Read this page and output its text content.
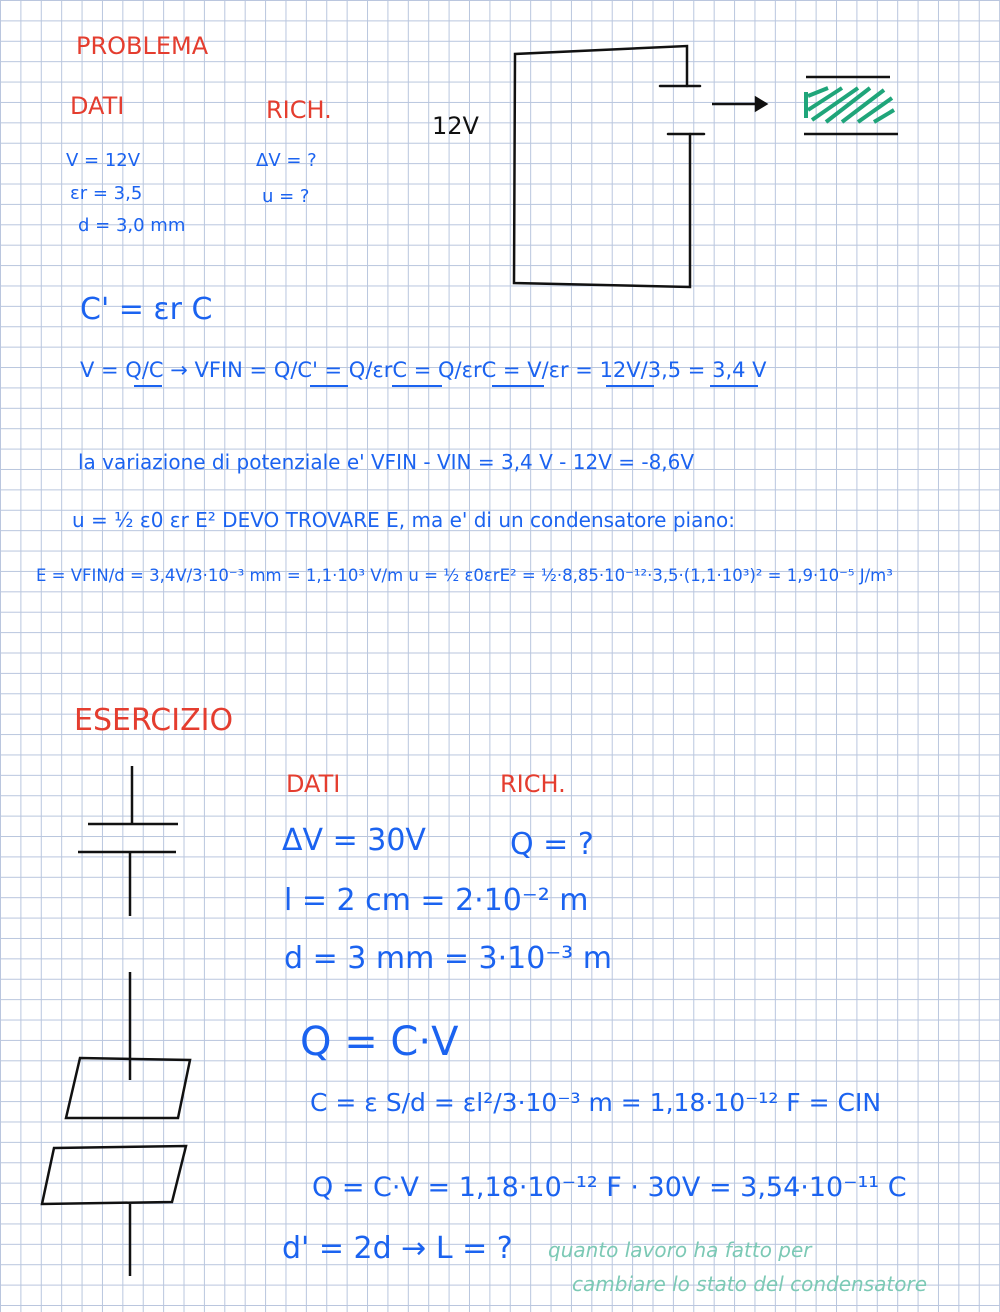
PROBLEMA
DATI	RICH.
V = 12V
εr = 3,5
d = 3,0 mm
ΔV = ?
u = ?
12V
C' = εr C
V = Q/C → VFIN = Q/C' = Q/εrC = Q/εrC = V/εr = 12V/3,5 = 3,4 V
la variazione di potenziale e' VFIN - VIN = 3,4 V - 12V = -8,6V
u = ½ ε0 εr E² DEVO TROVARE E, ma e' di un condensatore piano:
E = VFIN/d = 3,4V/3·10⁻³ mm = 1,1·10³ V/m u = ½ ε0εrE² = ½·8,85·10⁻¹²·3,5·(1,1·10³)² = 1,9·10⁻⁵ J/m³
ESERCIZIO
DATI	RICH.
ΔV = 30V
l = 2 cm = 2·10⁻² m
d = 3 mm = 3·10⁻³ m
Q = ?
Q = C·V
C = ε S/d = εl²/3·10⁻³ m = 1,18·10⁻¹² F = CIN
Q = C·V = 1,18·10⁻¹² F · 30V = 3,54·10⁻¹¹ C
d' = 2d → L = ? quanto lavoro ha fatto per
cambiare lo stato del condensatore
